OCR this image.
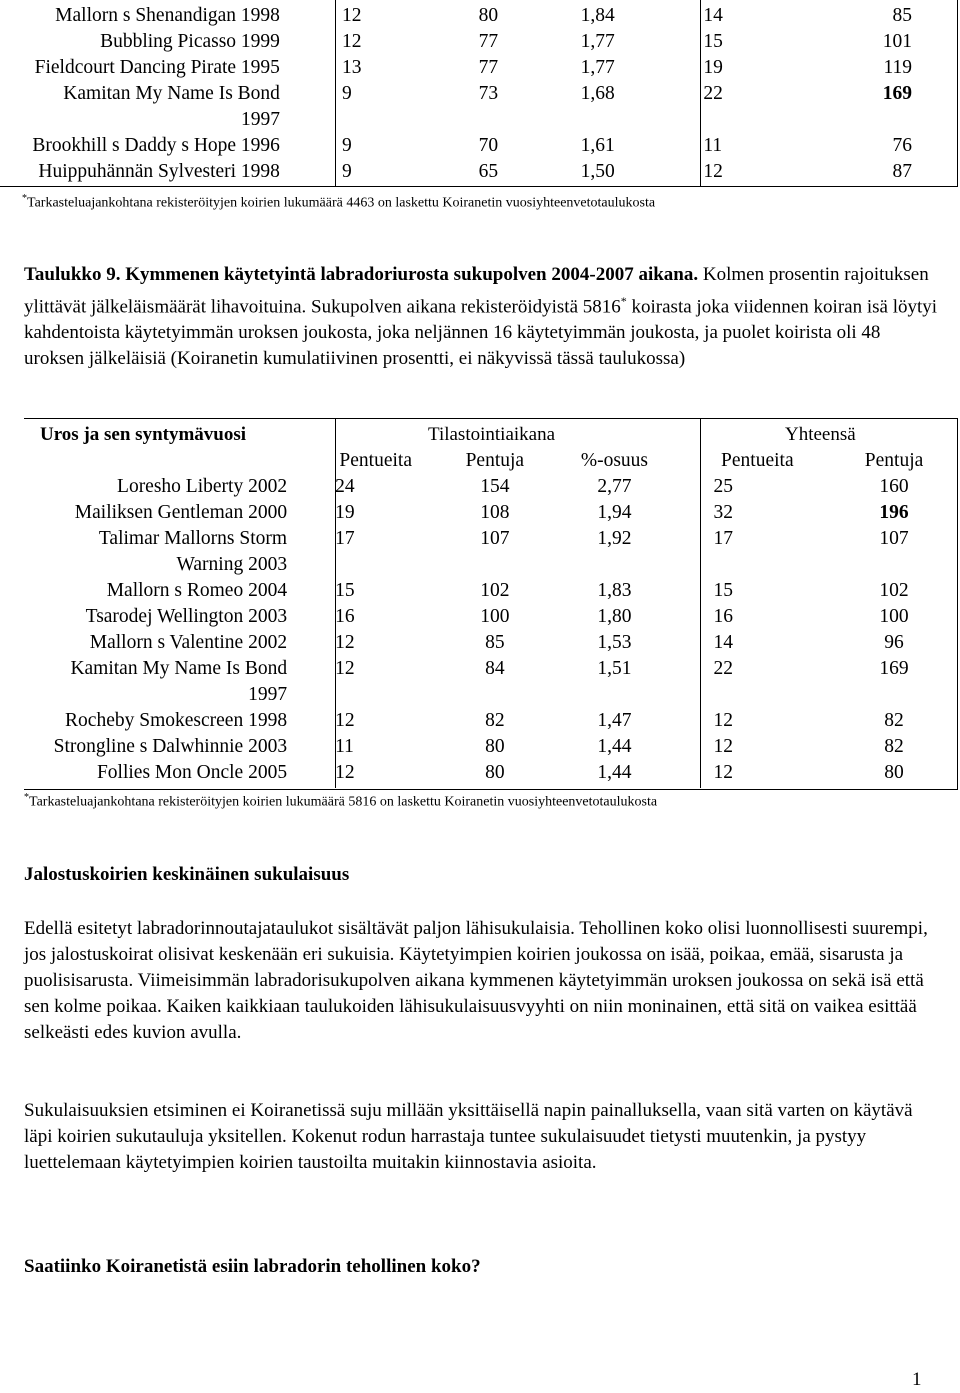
Mallorn s Shenandigan 1998	12	80	1,84	14	85
Bubbling Picasso 1999	12	77	1,77	15	101
Fieldcourt Dancing Pirate 1995	13	77	1,77	19	119
Kamitan My Name Is Bond	9	73	1,68	22	169
1997					
Brookhill s Daddy s Hope 1996	9	70	1,61	11	76
Huippuhännän Sylvesteri 1998	9	65	1,50	12	87
*Tarkasteluajankohtana rekisteröityjen koirien lukumäärä 4463 on laskettu Koiranetin vuosiyhteenvetotaulukosta
Taulukko 9. Kymmenen käytetyintä labradoriurosta sukupolven 2004-2007 aikana. Kolmen prosentin rajoituksen ylittävät jälkeläismäärät lihavoituina. Sukupolven aikana rekisteröidyistä 5816* koirasta joka viidennen koiran isä löytyi kahdentoista käytetyimmän uroksen joukosta, joka neljännen 16 käytetyimmän joukosta, ja puolet koirista oli 48 uroksen jälkeläisiä (Koiranetin kumulatiivinen prosentti, ei näkyvissä tässä taulukossa)
Uros ja sen syntymävuosi	Tilastointiaikana	Yhteensä
	Pentueita	Pentuja	%-osuus	Pentueita	Pentuja
Loresho Liberty 2002	24	154	2,77	25	160
Mailiksen Gentleman 2000	19	108	1,94	32	196
Talimar Mallorns Storm	17	107	1,92	17	107
Warning 2003					
Mallorn s Romeo 2004	15	102	1,83	15	102
Tsarodej Wellington 2003	16	100	1,80	16	100
Mallorn s Valentine 2002	12	85	1,53	14	96
Kamitan My Name Is Bond	12	84	1,51	22	169
1997					
Rocheby Smokescreen 1998	12	82	1,47	12	82
Strongline s Dalwhinnie 2003	11	80	1,44	12	82
Follies Mon Oncle 2005	12	80	1,44	12	80
*Tarkasteluajankohtana rekisteröityjen koirien lukumäärä 5816 on laskettu Koiranetin vuosiyhteenvetotaulukosta
Jalostuskoirien keskinäinen sukulaisuus
Edellä esitetyt labradorinnoutajataulukot sisältävät paljon lähisukulaisia. Tehollinen koko olisi luonnollisesti suurempi, jos jalostuskoirat olisivat keskenään eri sukuisia. Käytetyimpien koirien joukossa on isää, poikaa, emää, sisarusta ja puolisisarusta. Viimeisimmän labradorisukupolven aikana kymmenen käytetyimmän uroksen joukossa on sekä isä että sen kolme poikaa. Kaiken kaikkiaan taulukoiden lähisukulaisuusvyyhti on niin moninainen, että sitä on vaikea esittää selkeästi edes kuvion avulla.
Sukulaisuuksien etsiminen ei Koiranetissä suju millään yksittäisellä napin painalluksella, vaan sitä varten on käytävä läpi koirien sukutauluja yksitellen. Kokenut rodun harrastaja tuntee sukulaisuudet tietysti muutenkin, ja pystyy luettelemaan käytetyimpien koirien taustoilta muitakin kiinnostavia asioita.
Saatiinko Koiranetistä esiin labradorin tehollinen koko?
1
